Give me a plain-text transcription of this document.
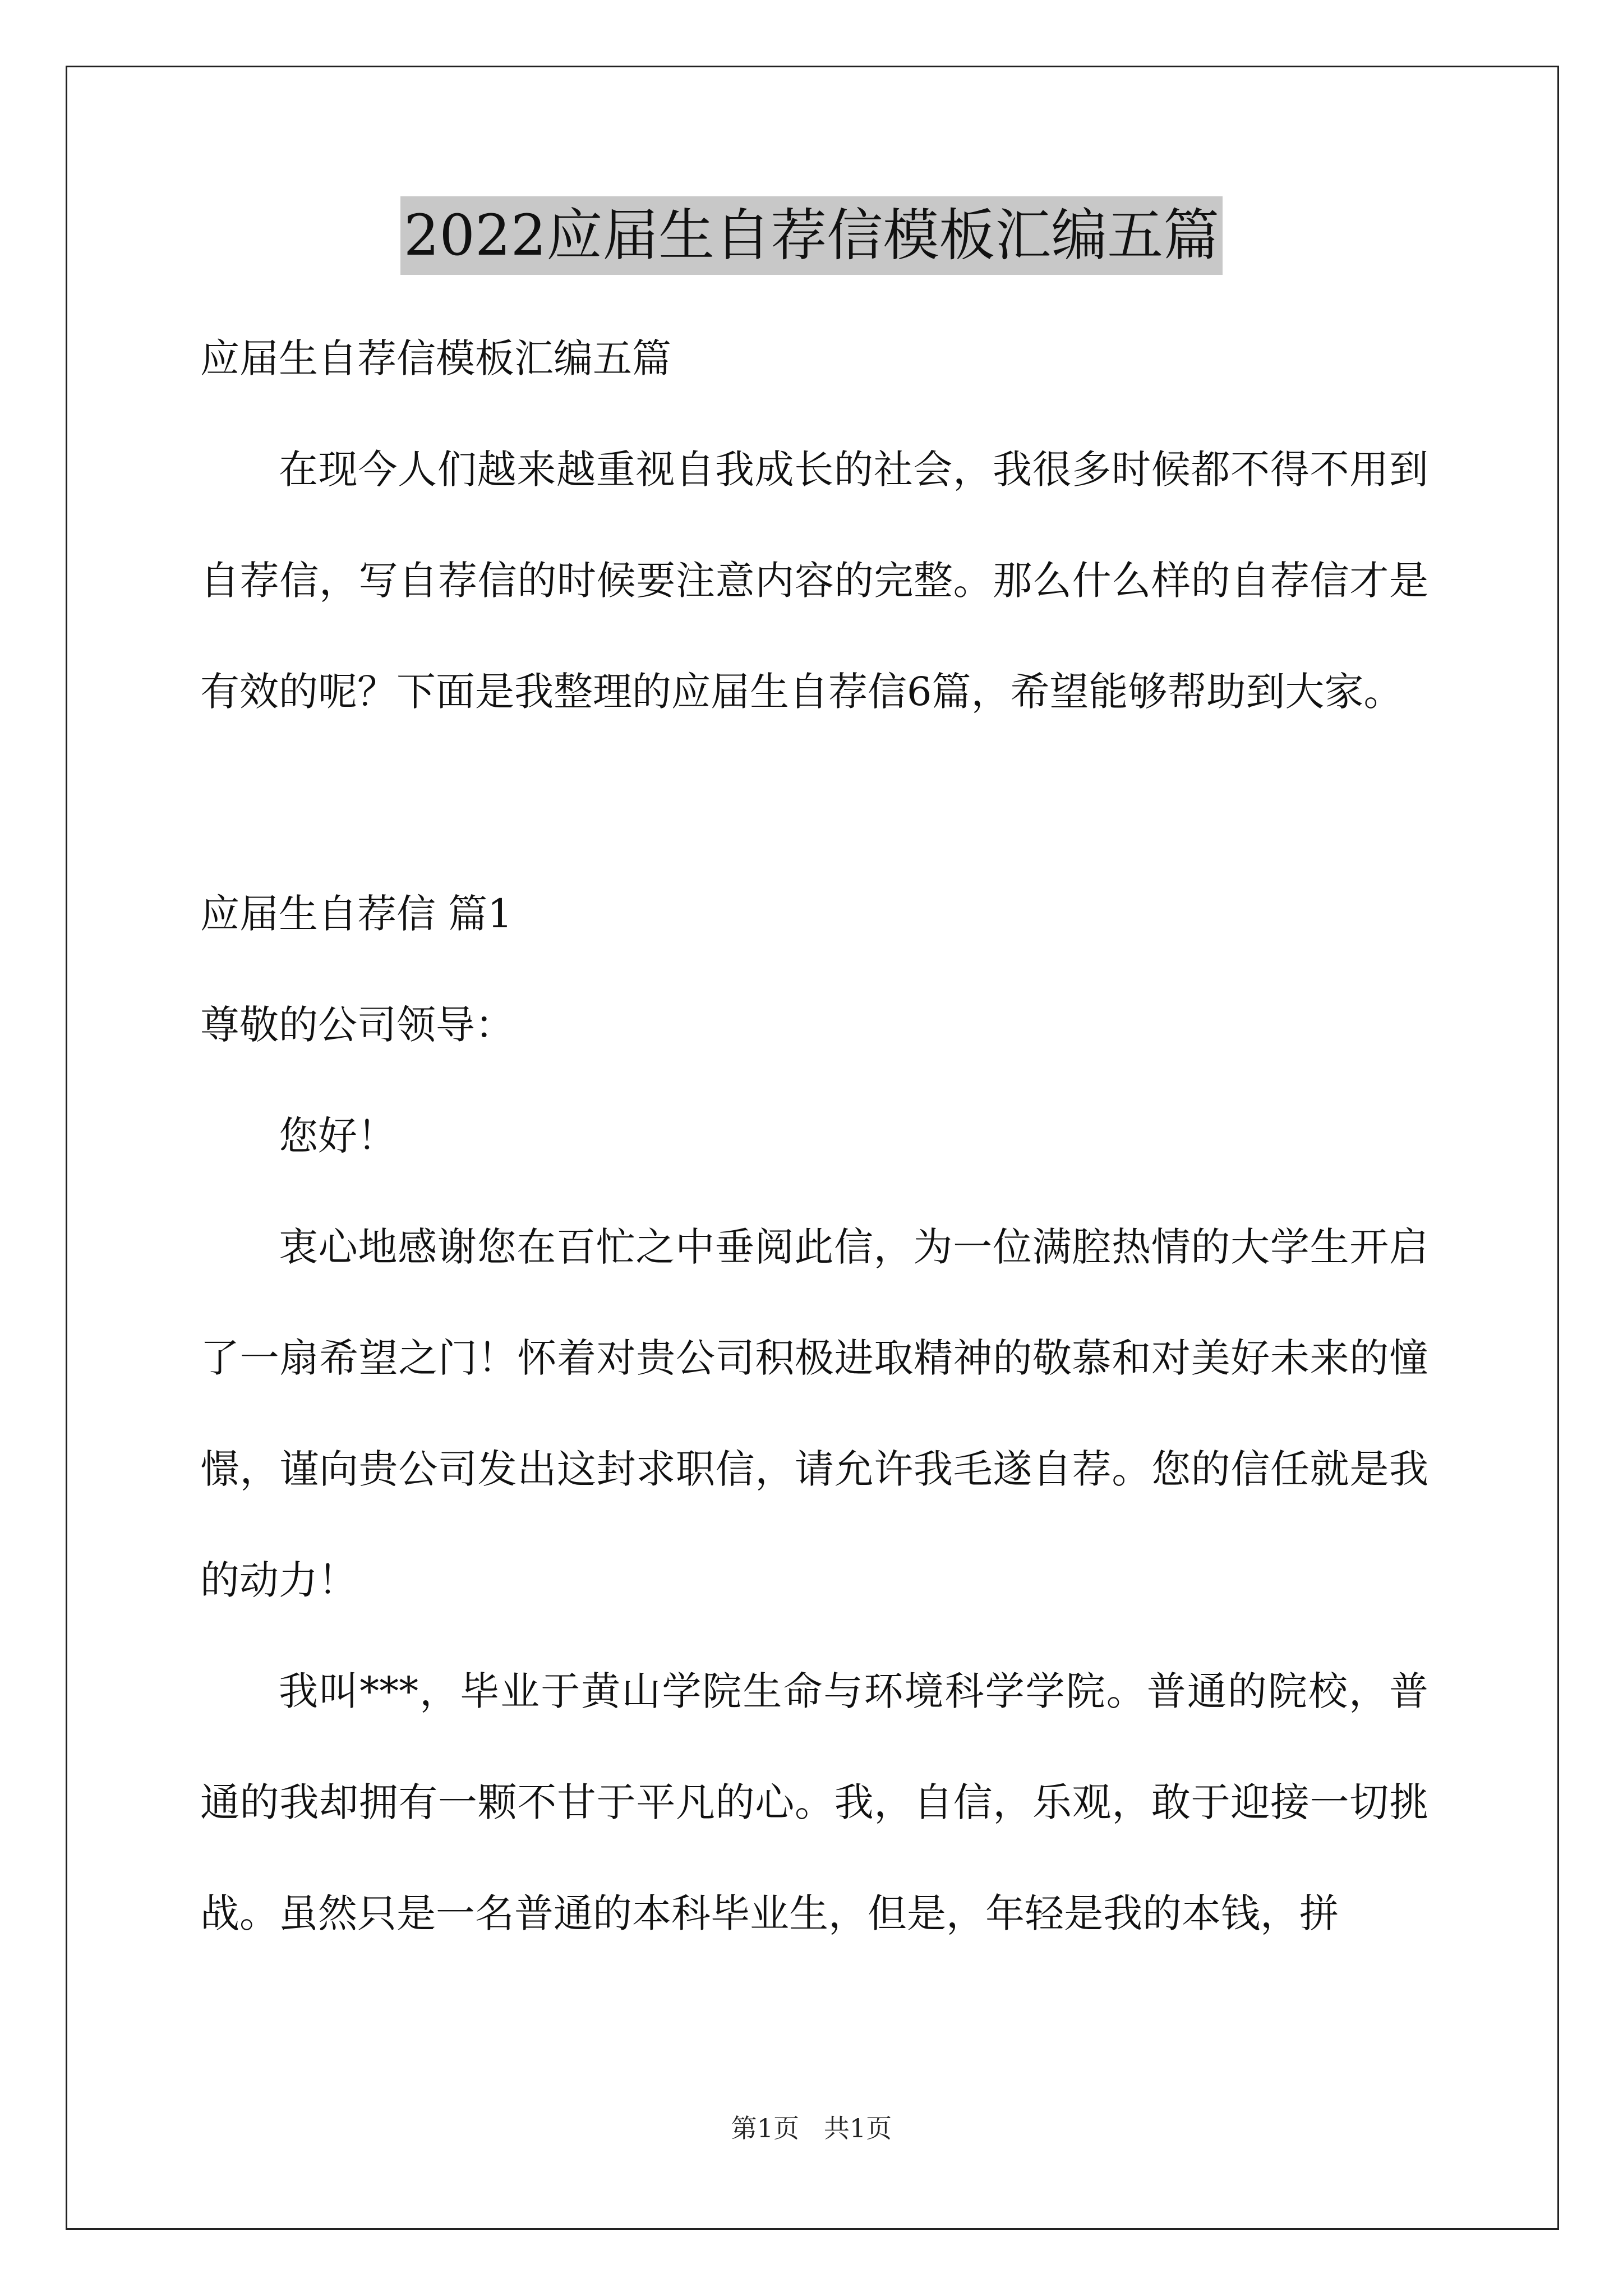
2022应届生自荐信模板汇编五篇
应届生自荐信模板汇编五篇
在现今人们越来越重视自我成长的社会，我很多时候都不得不用到自荐信，写自荐信的时候要注意内容的完整。那么什么样的自荐信才是有效的呢？下面是我整理的应届生自荐信6篇，希望能够帮助到大家。
应届生自荐信 篇1
尊敬的公司领导：
您好！
衷心地感谢您在百忙之中垂阅此信，为一位满腔热情的大学生开启了一扇希望之门！怀着对贵公司积极进取精神的敬慕和对美好未来的憧憬，谨向贵公司发出这封求职信，请允许我毛遂自荐。您的信任就是我的动力！
我叫***，毕业于黄山学院生命与环境科学学院。普通的院校，普通的我却拥有一颗不甘于平凡的心。我，自信，乐观，敢于迎接一切挑战。虽然只是一名普通的本科毕业生，但是，年轻是我的本钱，拼
第1页   共1页
